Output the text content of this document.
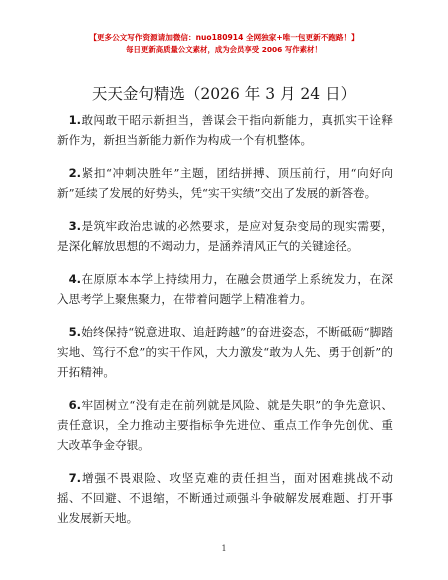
【更多公文写作资源请加微信：nuo180914 全网独家+唯一包更新不跑路！】
每日更新高质量公文素材，成为会员享受 2006 写作素材！
天天金句精选（2026 年 3 月 24 日）

1.敢闯敢干昭示新担当，善谋会干指向新能力，真抓实干诠释新作为，新担当新能力新作为构成一个有机整体。

2.紧扣“冲刺决胜年”主题，团结拼搏、顶压前行，用“向好向新”延续了发展的好势头，凭“实干实绩”交出了发展的新答卷。

3.是筑牢政治忠诚的必然要求，是应对复杂变局的现实需要，是深化解放思想的不竭动力，是涵养清风正气的关键途径。

4.在原原本本学上持续用力，在融会贯通学上系统发力，在深入思考学上聚焦聚力，在带着问题学上精准着力。

5.始终保持“锐意进取、追赶跨越”的奋进姿态，不断砥砺“脚踏实地、笃行不怠”的实干作风，大力激发“敢为人先、勇于创新”的开拓精神。

6.牢固树立“没有走在前列就是风险、就是失职”的争先意识、责任意识，全力推动主要指标争先进位、重点工作争先创优、重大改革争金夺银。

7.增强不畏艰险、攻坚克难的责任担当，面对困难挑战不动摇、不回避、不退缩，不断通过顽强斗争破解发展难题、打开事业发展新天地。

1
